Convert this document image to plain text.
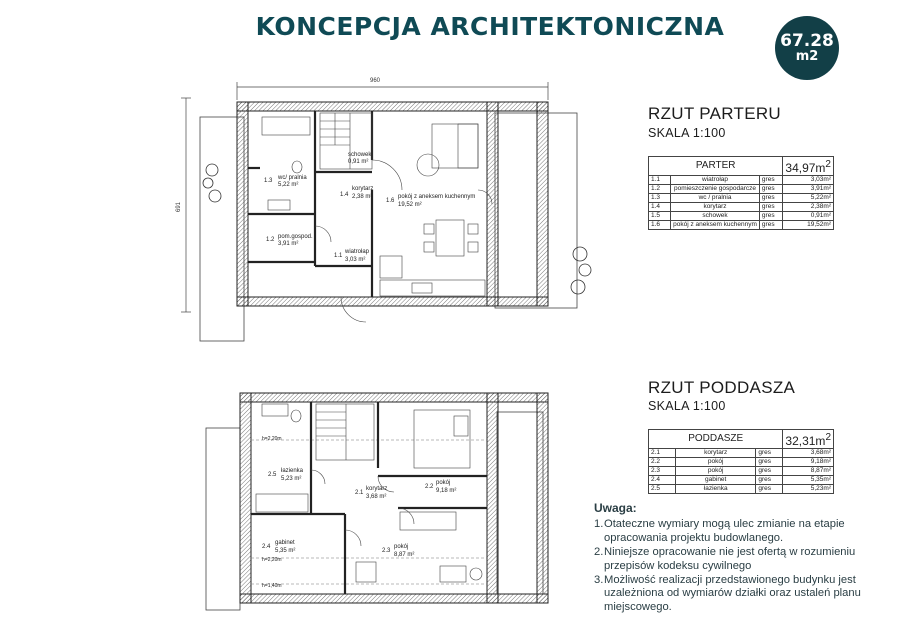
KONCEPCJA ARCHITEKTONICZNA	67.28
m2
960
691
1.3 wc/ pralnia
5,22 m²
schowek
0,91 m²
1.4
korytarz
2,38 m²
1.6
pokój z aneksem kuchennym
19,52 m²
1.2 pom.gospod.
3,91 m²
1.1
wiatrołap
3,03 m²
h=2,20m
h=2,20m
h=1,40m
2.5
łazienka
5,23 m²
2.1
korytarz
3,68 m²
2.2
pokój
9,18 m²
2.4
gabinet
5,35 m²	2.3
pokój
8,87 m²
RZUT PARTERU
SKALA 1:100
PARTER			$34,97m^2$
1.1	wiatrołap	gres	3,03m²
1.2	pomieszczenie gospodarcze	gres	3,91m²
1.3	wc / pralnia	gres	5,22m²
1.4	korytarz	gres	2,38m²
1.5	schowek	gres	0,91m²
1.6	pokój z aneksem kuchennym	gres	19,52m²
RZUT PODDASZA
SKALA 1:100
PODDASZE			$32,31m^2$
2.1	korytarz	gres	3,68m²
2.2	pokój	gres	9,18m²
2.3	pokój	gres	8,87m²
2.4	gabinet	gres	5,35m²
2.5	łazienka	gres	5,23m²
Uwaga:
1. Otateczne wymiary mogą ulec zmianie na etapie opracowania projektu budowlanego.
2. Niniejsze opracowanie nie jest ofertą w rozumieniu przepisów kodeksu cywilnego
3. Możliwość realizacji przedstawionego budynku jest uzależniona od wymiarów działki oraz ustaleń planu miejscowego.
